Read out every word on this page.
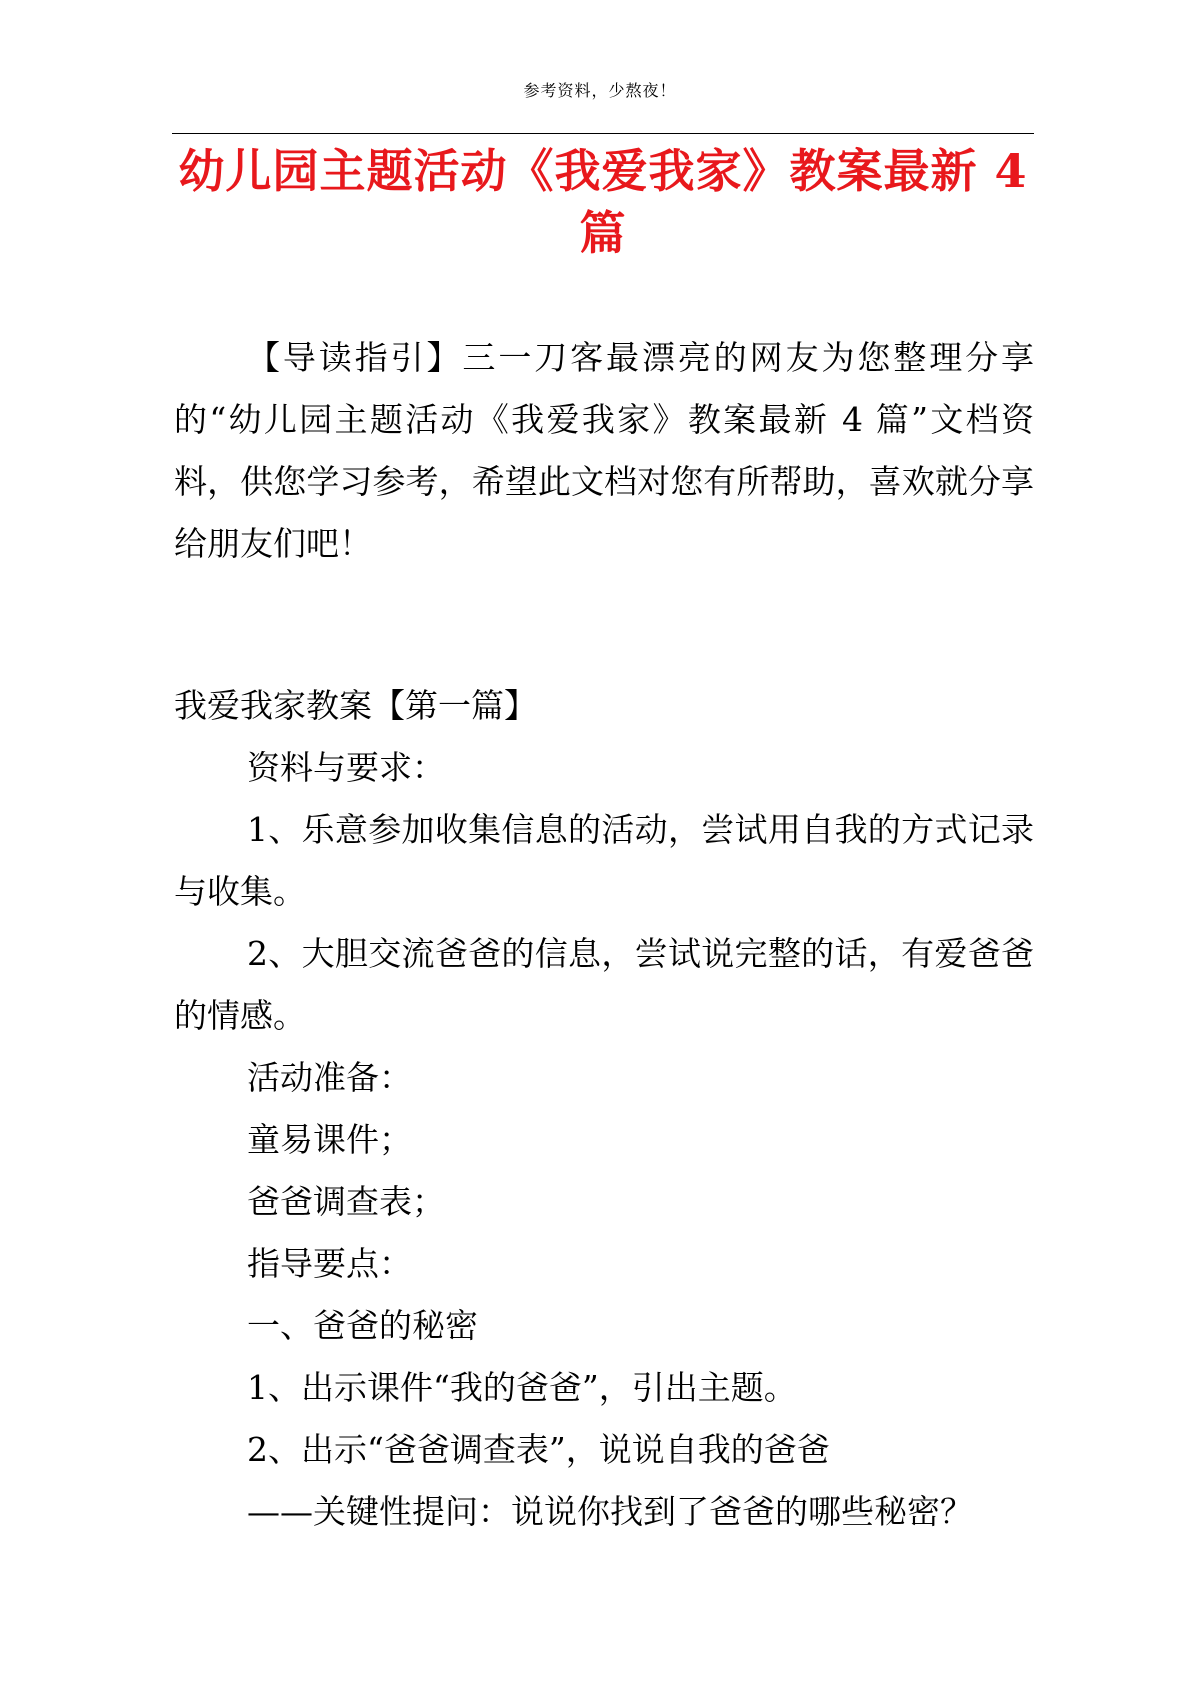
参考资料，少熬夜！
幼儿园主题活动《我爱我家》教案最新 4 篇

【导读指引】三一刀客最漂亮的网友为您整理分享的“幼儿园主题活动《我爱我家》教案最新 4 篇”文档资料，供您学习参考，希望此文档对您有所帮助，喜欢就分享给朋友们吧！

我爱我家教案【第一篇】

资料与要求：

1、乐意参加收集信息的活动，尝试用自我的方式记录与收集。

2、大胆交流爸爸的信息，尝试说完整的话，有爱爸爸的情感。

活动准备：

童易课件；

爸爸调查表；

指导要点：

一、爸爸的秘密

1、出示课件“我的爸爸”，引出主题。

2、出示“爸爸调查表”，说说自我的爸爸

——关键性提问：说说你找到了爸爸的哪些秘密？
